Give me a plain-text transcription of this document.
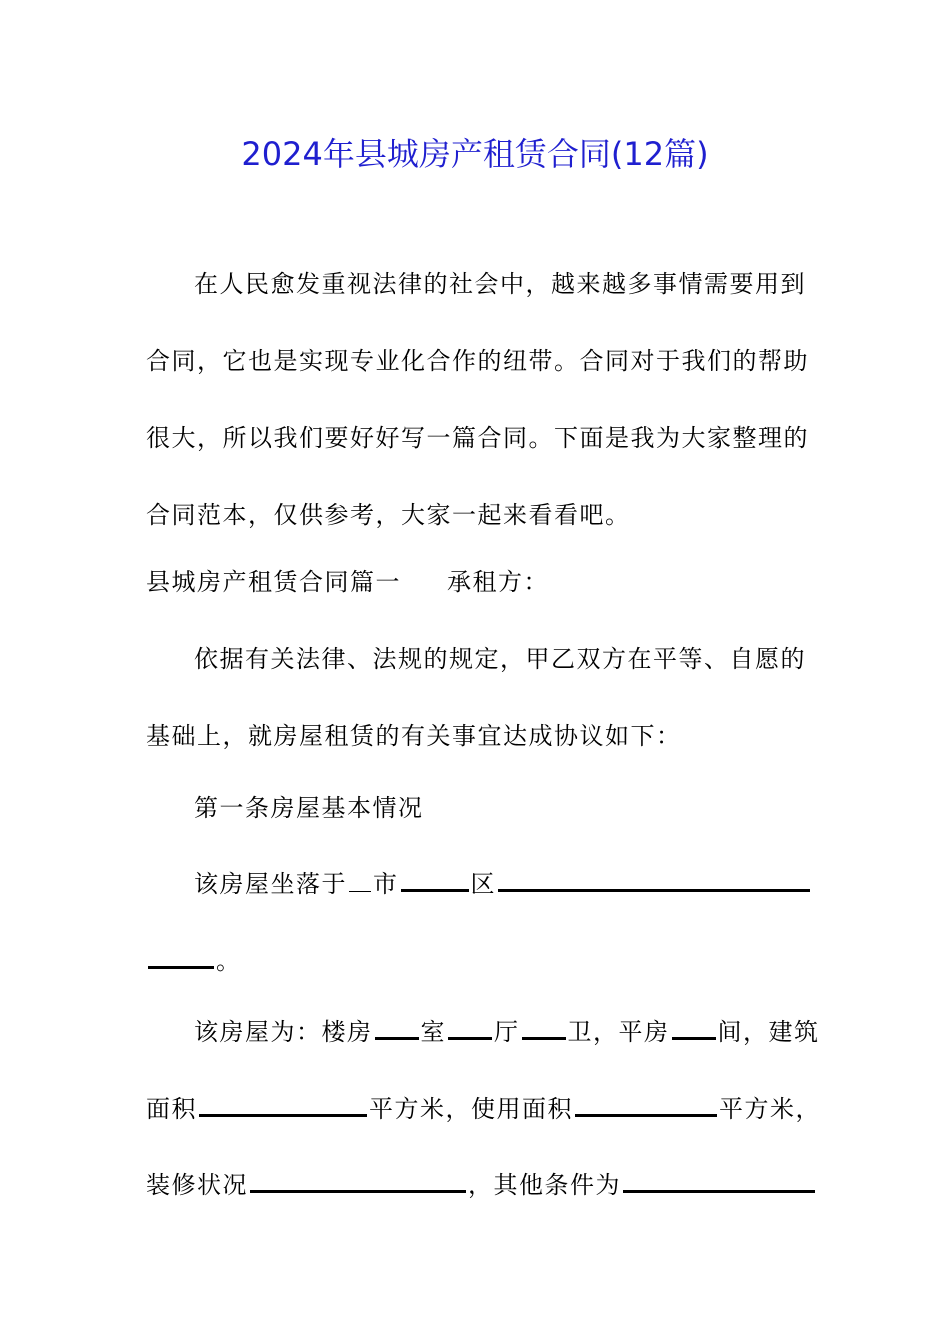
2024年县城房产租赁合同(12篇)

在人民愈发重视法律的社会中，越来越多事情需要用到合同，它也是实现专业化合作的纽带。合同对于我们的帮助很大，所以我们要好好写一篇合同。下面是我为大家整理的合同范本，仅供参考，大家一起来看看吧。

县城房产租赁合同篇一 承租方：

依据有关法律、法规的规定，甲乙双方在平等、自愿的基础上，就房屋租赁的有关事宜达成协议如下：

第一条房屋基本情况
该房屋坐落于 市	区
。
该房屋为：楼房 室 厅 卫，平房 间，建筑
面积	平方米，使用面积	平方米，
装修状况	，其他条件为
